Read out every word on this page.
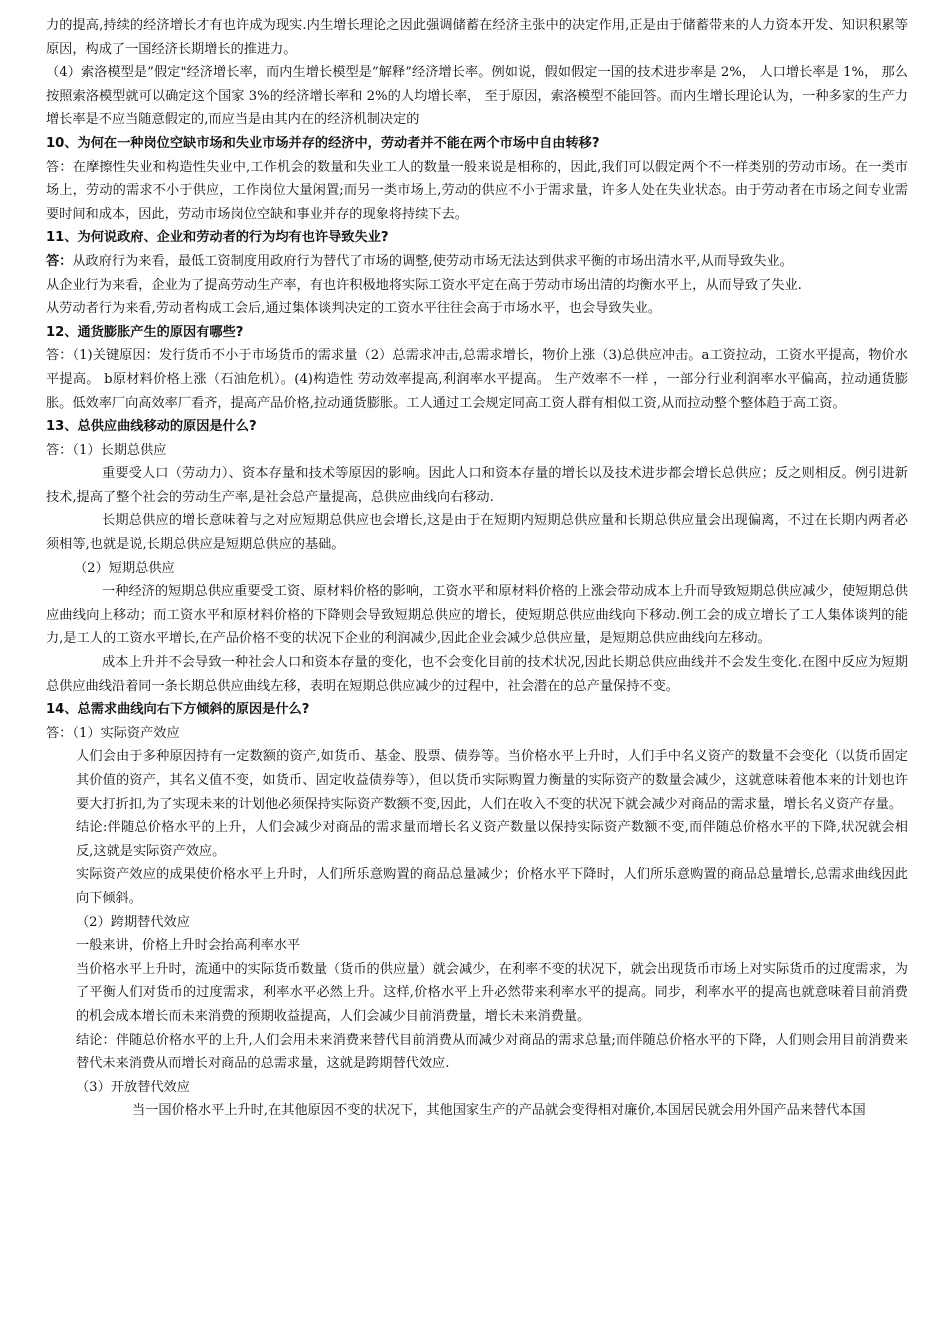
力的提高,持续的经济增长才有也许成为现实.内生增长理论之因此强调储蓄在经济主张中的决定作用,正是由于储蓄带来的人力资本开发、知识积累等原因，构成了一国经济长期增长的推进力。

（4）索洛模型是”假定"经济增长率，而内生增长模型是”解释”经济增长率。例如说，假如假定一国的技术进步率是 2%， 人口增长率是 1%， 那么按照索洛模型就可以确定这个国家 3%的经济增长率和 2%的人均增长率， 至于原因，索洛模型不能回答。而内生增长理论认为，一种多家的生产力增长率是不应当随意假定的,而应当是由其内在的经济机制决定的

10、为何在一种岗位空缺市场和失业市场并存的经济中，劳动者并不能在两个市场中自由转移?

答：在摩擦性失业和构造性失业中,工作机会的数量和失业工人的数量一般来说是相称的，因此,我们可以假定两个不一样类别的劳动市场。在一类市场上，劳动的需求不小于供应，工作岗位大量闲置;而另一类市场上,劳动的供应不小于需求量，许多人处在失业状态。由于劳动者在市场之间专业需要时间和成本，因此，劳动市场岗位空缺和事业并存的现象将持续下去。

11、为何说政府、企业和劳动者的行为均有也许导致失业?

答：从政府行为来看，最低工资制度用政府行为替代了市场的调整,使劳动市场无法达到供求平衡的市场出清水平,从而导致失业。

从企业行为来看，企业为了提高劳动生产率，有也许积极地将实际工资水平定在高于劳动市场出清的均衡水平上，从而导致了失业.

从劳动者行为来看,劳动者构成工会后,通过集体谈判决定的工资水平往往会高于市场水平，也会导致失业。

12、通货膨胀产生的原因有哪些?

答：（1)关键原因：发行货币不小于市场货币的需求量（2）总需求冲击,总需求增长，物价上涨（3)总供应冲击。a工资拉动，工资水平提高，物价水平提高。 b原材料价格上涨（石油危机）。(4)构造性 劳动效率提高,利润率水平提高。 生产效率不一样 ，一部分行业利润率水平偏高，拉动通货膨胀。低效率厂向高效率厂看齐，提高产品价格,拉动通货膨胀。工人通过工会规定同高工资人群有相似工资,从而拉动整个整体趋于高工资。

13、总供应曲线移动的原因是什么?

答：（1）长期总供应

重要受人口（劳动力）、资本存量和技术等原因的影响。因此人口和资本存量的增长以及技术进步都会增长总供应；反之则相反。例引进新技术,提高了整个社会的劳动生产率,是社会总产量提高，总供应曲线向右移动.

长期总供应的增长意味着与之对应短期总供应也会增长,这是由于在短期内短期总供应量和长期总供应量会出现偏离，不过在长期内两者必须相等,也就是说,长期总供应是短期总供应的基础。

（2）短期总供应

一种经济的短期总供应重要受工资、原材料价格的影响，工资水平和原材料价格的上涨会带动成本上升而导致短期总供应减少，使短期总供应曲线向上移动；而工资水平和原材料价格的下降则会导致短期总供应的增长，使短期总供应曲线向下移动.例工会的成立增长了工人集体谈判的能力,是工人的工资水平增长,在产品价格不变的状况下企业的利润减少,因此企业会减少总供应量，是短期总供应曲线向左移动。

成本上升并不会导致一种社会人口和资本存量的变化，也不会变化目前的技术状况,因此长期总供应曲线并不会发生变化.在图中反应为短期总供应曲线沿着同一条长期总供应曲线左移，表明在短期总供应减少的过程中，社会潜在的总产量保持不变。

14、总需求曲线向右下方倾斜的原因是什么?

答：（1）实际资产效应

人们会由于多种原因持有一定数额的资产,如货币、基金、股票、债券等。当价格水平上升时，人们手中名义资产的数量不会变化（以货币固定其价值的资产，其名义值不变，如货币、固定收益债券等），但以货币实际购置力衡量的实际资产的数量会减少，这就意味着他本来的计划也许要大打折扣,为了实现未来的计划他必须保持实际资产数额不变,因此，人们在收入不变的状况下就会减少对商品的需求量，增长名义资产存量。

结论:伴随总价格水平的上升，人们会减少对商品的需求量而增长名义资产数量以保持实际资产数额不变,而伴随总价格水平的下降,状况就会相反,这就是实际资产效应。

实际资产效应的成果使价格水平上升时，人们所乐意购置的商品总量减少；价格水平下降时，人们所乐意购置的商品总量增长,总需求曲线因此向下倾斜。

（2）跨期替代效应

一般来讲，价格上升时会抬高利率水平

当价格水平上升时，流通中的实际货币数量（货币的供应量）就会减少，在利率不变的状况下，就会出现货币市场上对实际货币的过度需求，为了平衡人们对货币的过度需求，利率水平必然上升。这样,价格水平上升必然带来利率水平的提高。同步，利率水平的提高也就意味着目前消费的机会成本增长而未来消费的预期收益提高，人们会减少目前消费量，增长未来消费量。

结论：伴随总价格水平的上升,人们会用未来消费来替代目前消费从而减少对商品的需求总量;而伴随总价格水平的下降，人们则会用目前消费来替代未来消费从而增长对商品的总需求量，这就是跨期替代效应.

（3）开放替代效应

当一国价格水平上升时,在其他原因不变的状况下，其他国家生产的产品就会变得相对廉价,本国居民就会用外国产品来替代本国
